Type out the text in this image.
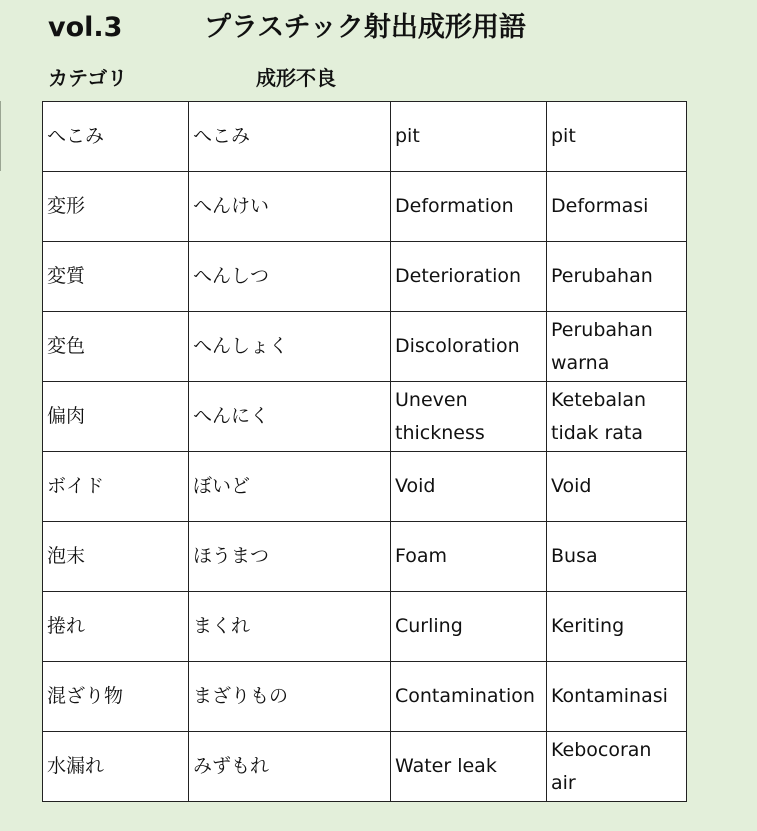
vol.3	プラスチック射出成形用語
カテゴリ	成形不良
へこみ	へこみ	pit	pit
変形	へんけい	Deformation	Deformasi
変質	へんしつ	Deterioration	Perubahan
変色	へんしょく	Discoloration	Perubahan warna
偏肉	へんにく	Uneven thickness	Ketebalan tidak rata
ボイド	ぼいど	Void	Void
泡末	ほうまつ	Foam	Busa
捲れ	まくれ	Curling	Keriting
混ざり物	まざりもの	Contamination	Kontaminasi
水漏れ	みずもれ	Water leak	Kebocoran air
